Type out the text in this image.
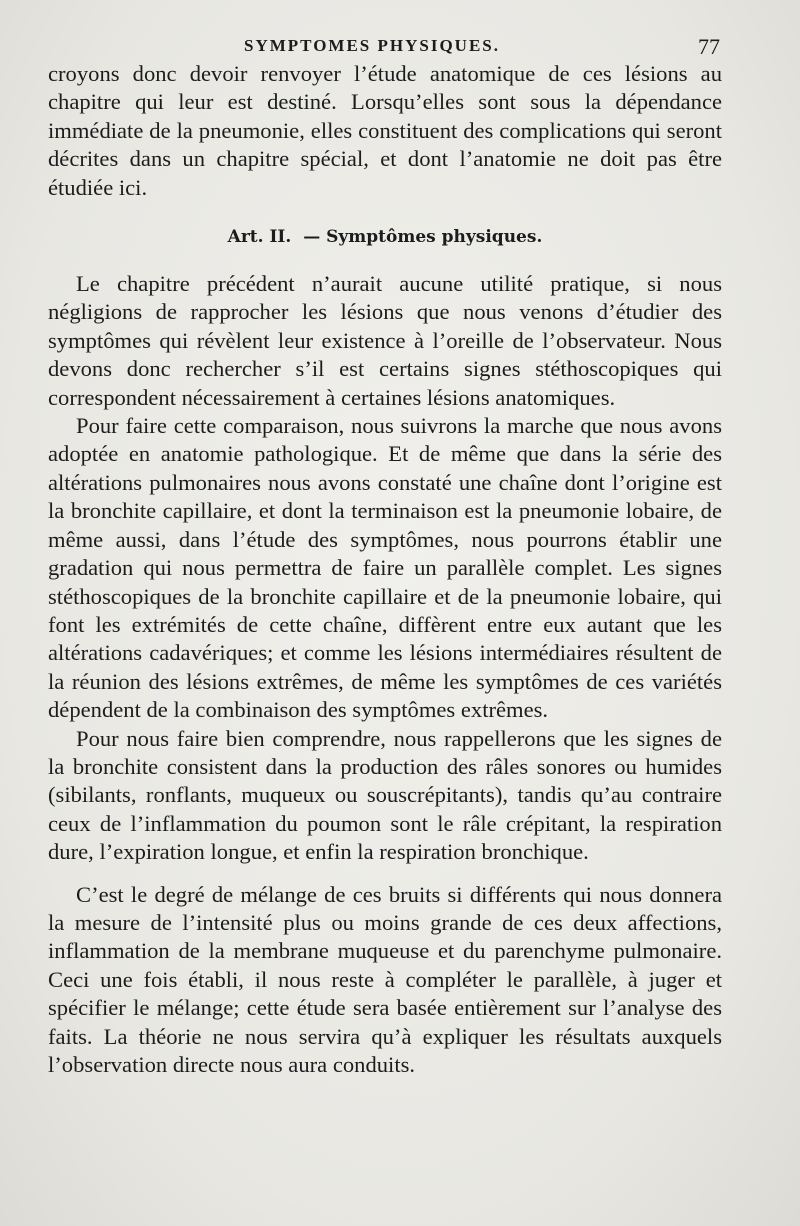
SYMPTOMES PHYSIQUES.	77

croyons donc devoir renvoyer l’étude anatomique de ces lésions au chapitre qui leur est destiné. Lorsqu’elles sont sous la dépendance immédiate de la pneumonie, elles constituent des complications qui seront décrites dans un chapitre spécial, et dont l’anatomie ne doit pas être étudiée ici.

Art. II. — Symptômes physiques.

Le chapitre précédent n’aurait aucune utilité pratique, si nous négligions de rapprocher les lésions que nous venons d’étudier des symptômes qui révèlent leur existence à l’oreille de l’observateur. Nous devons donc rechercher s’il est certains signes stéthoscopiques qui correspondent nécessairement à certaines lésions anatomiques.

Pour faire cette comparaison, nous suivrons la marche que nous avons adoptée en anatomie pathologique. Et de même que dans la série des altérations pulmonaires nous avons constaté une chaîne dont l’origine est la bronchite capillaire, et dont la terminaison est la pneumonie lobaire, de même aussi, dans l’étude des symptômes, nous pourrons établir une gradation qui nous permettra de faire un parallèle complet. Les signes stéthoscopiques de la bronchite capillaire et de la pneumonie lobaire, qui font les extrémités de cette chaîne, diffèrent entre eux autant que les altérations cadavériques; et comme les lésions intermédiaires résultent de la réunion des lésions extrêmes, de même les symptômes de ces variétés dépendent de la combinaison des symptômes extrêmes.

Pour nous faire bien comprendre, nous rappellerons que les signes de la bronchite consistent dans la production des râles sonores ou humides (sibilants, ronflants, muqueux ou souscrépitants), tandis qu’au contraire ceux de l’inflammation du poumon sont le râle crépitant, la respiration dure, l’expiration longue, et enfin la respiration bronchique.

C’est le degré de mélange de ces bruits si différents qui nous donnera la mesure de l’intensité plus ou moins grande de ces deux affections, inflammation de la membrane muqueuse et du parenchyme pulmonaire. Ceci une fois établi, il nous reste à compléter le parallèle, à juger et spécifier le mélange; cette étude sera basée entièrement sur l’analyse des faits. La théorie ne nous servira qu’à expliquer les résultats auxquels l’observation directe nous aura conduits.
